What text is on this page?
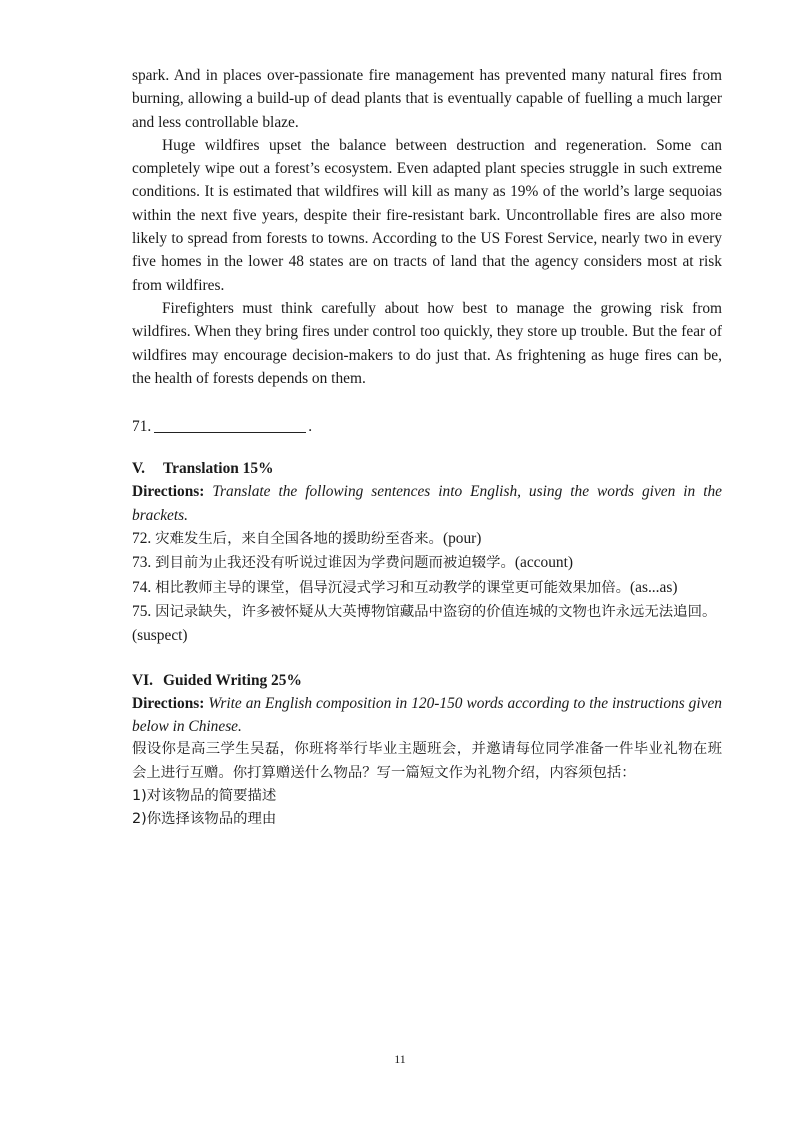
spark. And in places over-passionate fire management has prevented many natural fires from burning, allowing a build-up of dead plants that is eventually capable of fuelling a much larger and less controllable blaze.

Huge wildfires upset the balance between destruction and regeneration. Some can completely wipe out a forest’s ecosystem. Even adapted plant species struggle in such extreme conditions. It is estimated that wildfires will kill as many as 19% of the world’s large sequoias within the next five years, despite their fire-resistant bark. Uncontrollable fires are also more likely to spread from forests to towns. According to the US Forest Service, nearly two in every five homes in the lower 48 states are on tracts of land that the agency considers most at risk from wildfires.

Firefighters must think carefully about how best to manage the growing risk from wildfires. When they bring fires under control too quickly, they store up trouble. But the fear of wildfires may encourage decision-makers to do just that. As frightening as huge fires can be, the health of forests depends on them.

71.	.
V. Translation 15%

Directions: Translate the following sentences into English, using the words given in the brackets.

72. 灾难发生后，来自全国各地的援助纷至沓来。(pour)

73. 到目前为止我还没有听说过谁因为学费问题而被迫辍学。(account)

74. 相比教师主导的课堂，倡导沉浸式学习和互动教学的课堂更可能效果加倍。(as...as)

75. 因记录缺失，许多被怀疑从大英博物馆藏品中盗窃的价值连城的文物也许永远无法追回。
(suspect)

VI. Guided Writing 25%

Directions: Write an English composition in 120-150 words according to the instructions given below in Chinese.

假设你是高三学生吴磊，你班将举行毕业主题班会，并邀请每位同学准备一件毕业礼物在班会上进行互赠。你打算赠送什么物品？写一篇短文作为礼物介绍，内容须包括：

1)对该物品的简要描述

2)你选择该物品的理由

11
